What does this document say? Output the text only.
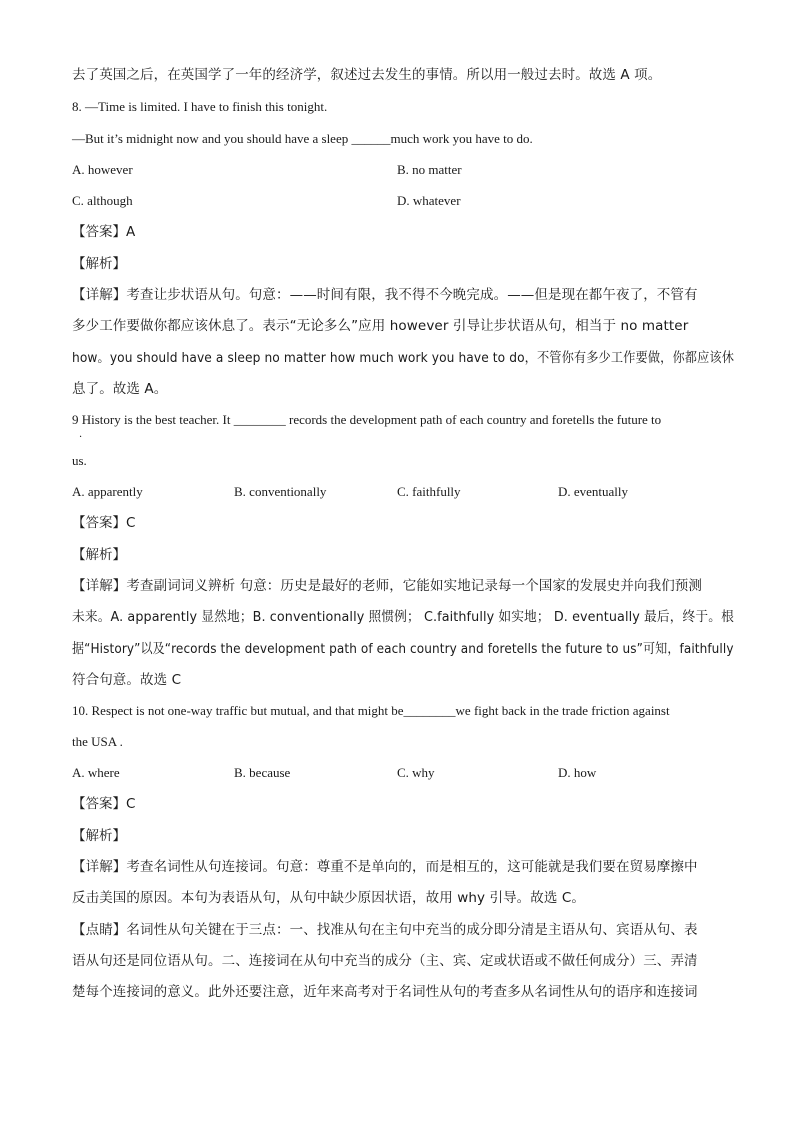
去了英国之后，在英国学了一年的经济学，叙述过去发生的事情。所以用一般过去时。故选 A 项。
8. —Time is limited. I have to finish this tonight.
—But it’s midnight now and you should have a sleep ______much work you have to do.
A. however	B. no matter
C. although	D. whatever
【答案】A
【解析】
【详解】考查让步状语从句。句意：——时间有限，我不得不今晚完成。——但是现在都午夜了，不管有
多少工作要做你都应该休息了。表示“无论多么”应用 however 引导让步状语从句，相当于 no matter
how。you should have a sleep no matter how much work you have to do，不管你有多少工作要做，你都应该休
息了。故选 A。
9 History is the best teacher. It ________ records the development path of each country and foretells the future to
·
us.
A. apparently	B. conventionally	C. faithfully	D. eventually
【答案】C
【解析】
【详解】考查副词词义辨析 句意：历史是最好的老师，它能如实地记录每一个国家的发展史并向我们预测
未来。A. apparently 显然地；B. conventionally 照惯例； C.faithfully 如实地； D. eventually 最后，终于。根
据“History”以及“records the development path of each country and foretells the future to us”可知，faithfully
符合句意。故选 C
10. Respect is not one-way traffic but mutual, and that might be________we fight back in the trade friction against
the USA .
A. where	B. because	C. why	D. how
【答案】C
【解析】
【详解】考查名词性从句连接词。句意：尊重不是单向的，而是相互的，这可能就是我们要在贸易摩擦中
反击美国的原因。本句为表语从句，从句中缺少原因状语，故用 why 引导。故选 C。
【点睛】名词性从句关键在于三点：一、找准从句在主句中充当的成分即分清是主语从句、宾语从句、表
语从句还是同位语从句。二、连接词在从句中充当的成分（主、宾、定或状语或不做任何成分）三、弄清
楚每个连接词的意义。此外还要注意，近年来高考对于名词性从句的考查多从名词性从句的语序和连接词
